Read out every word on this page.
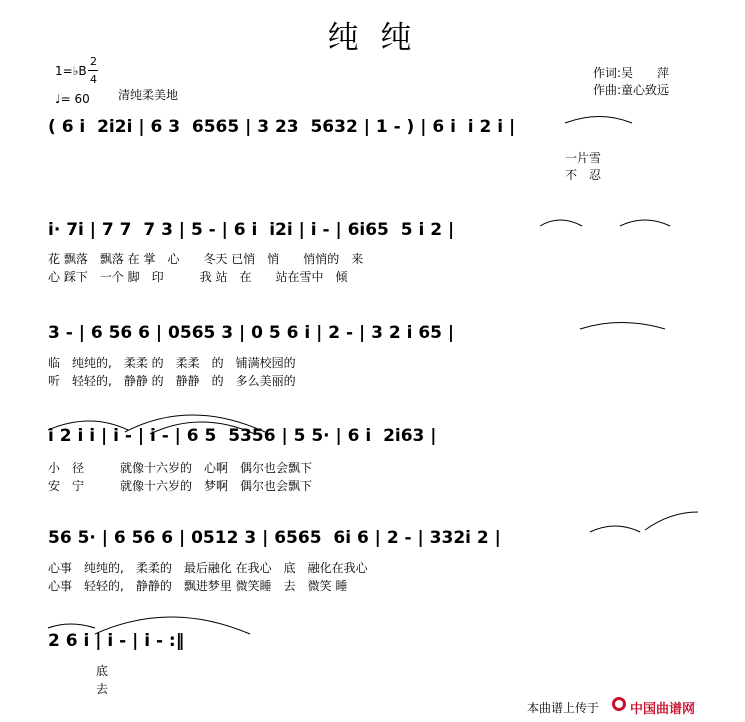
纯 纯
1=♭B
2
4
♩= 60 清纯柔美地
作词:吴　　萍
作曲:童心致远
( 6 i  2i2i | 6 3  6565 | 3 23  5632 | 1 - ) | 6 i  i 2 i |
一片雪
不　忍
i· 7i | 7 7  7 3 | 5 - | 6 i  i2i | i - | 6i65  5 i 2 |
花 飘落　飘落 在 掌　心　　冬天 已悄　悄　　悄悄的　来
心 踩下　一个 脚　印　　　我 站　在　　站在雪中　倾
3 - | 6 56 6 | 0565 3 | 0 5 6 i | 2 - | 3 2 i 65 |
临　纯纯的,　柔柔 的　柔柔　的　铺满校园的
听　轻轻的,　静静 的　静静　的　多么美丽的
i 2 i i | i - | i - | 6 5  5356 | 5 5· | 6 i  2i63 |
小　径　　　就像十六岁的　心啊　偶尔也会飘下
安　宁　　　就像十六岁的　梦啊　偶尔也会飘下
56 5· | 6 56 6 | 0512 3 | 6565  6i 6 | 2 - | 332i 2 |
心事　纯纯的,　柔柔的　最后融化 在我心　底　融化在我心
心事　轻轻的,　静静的　飘进梦里 微笑睡　去　微笑 睡
2 6 i | i - | i - :‖
底
去
本曲谱上传于 中国曲谱网
